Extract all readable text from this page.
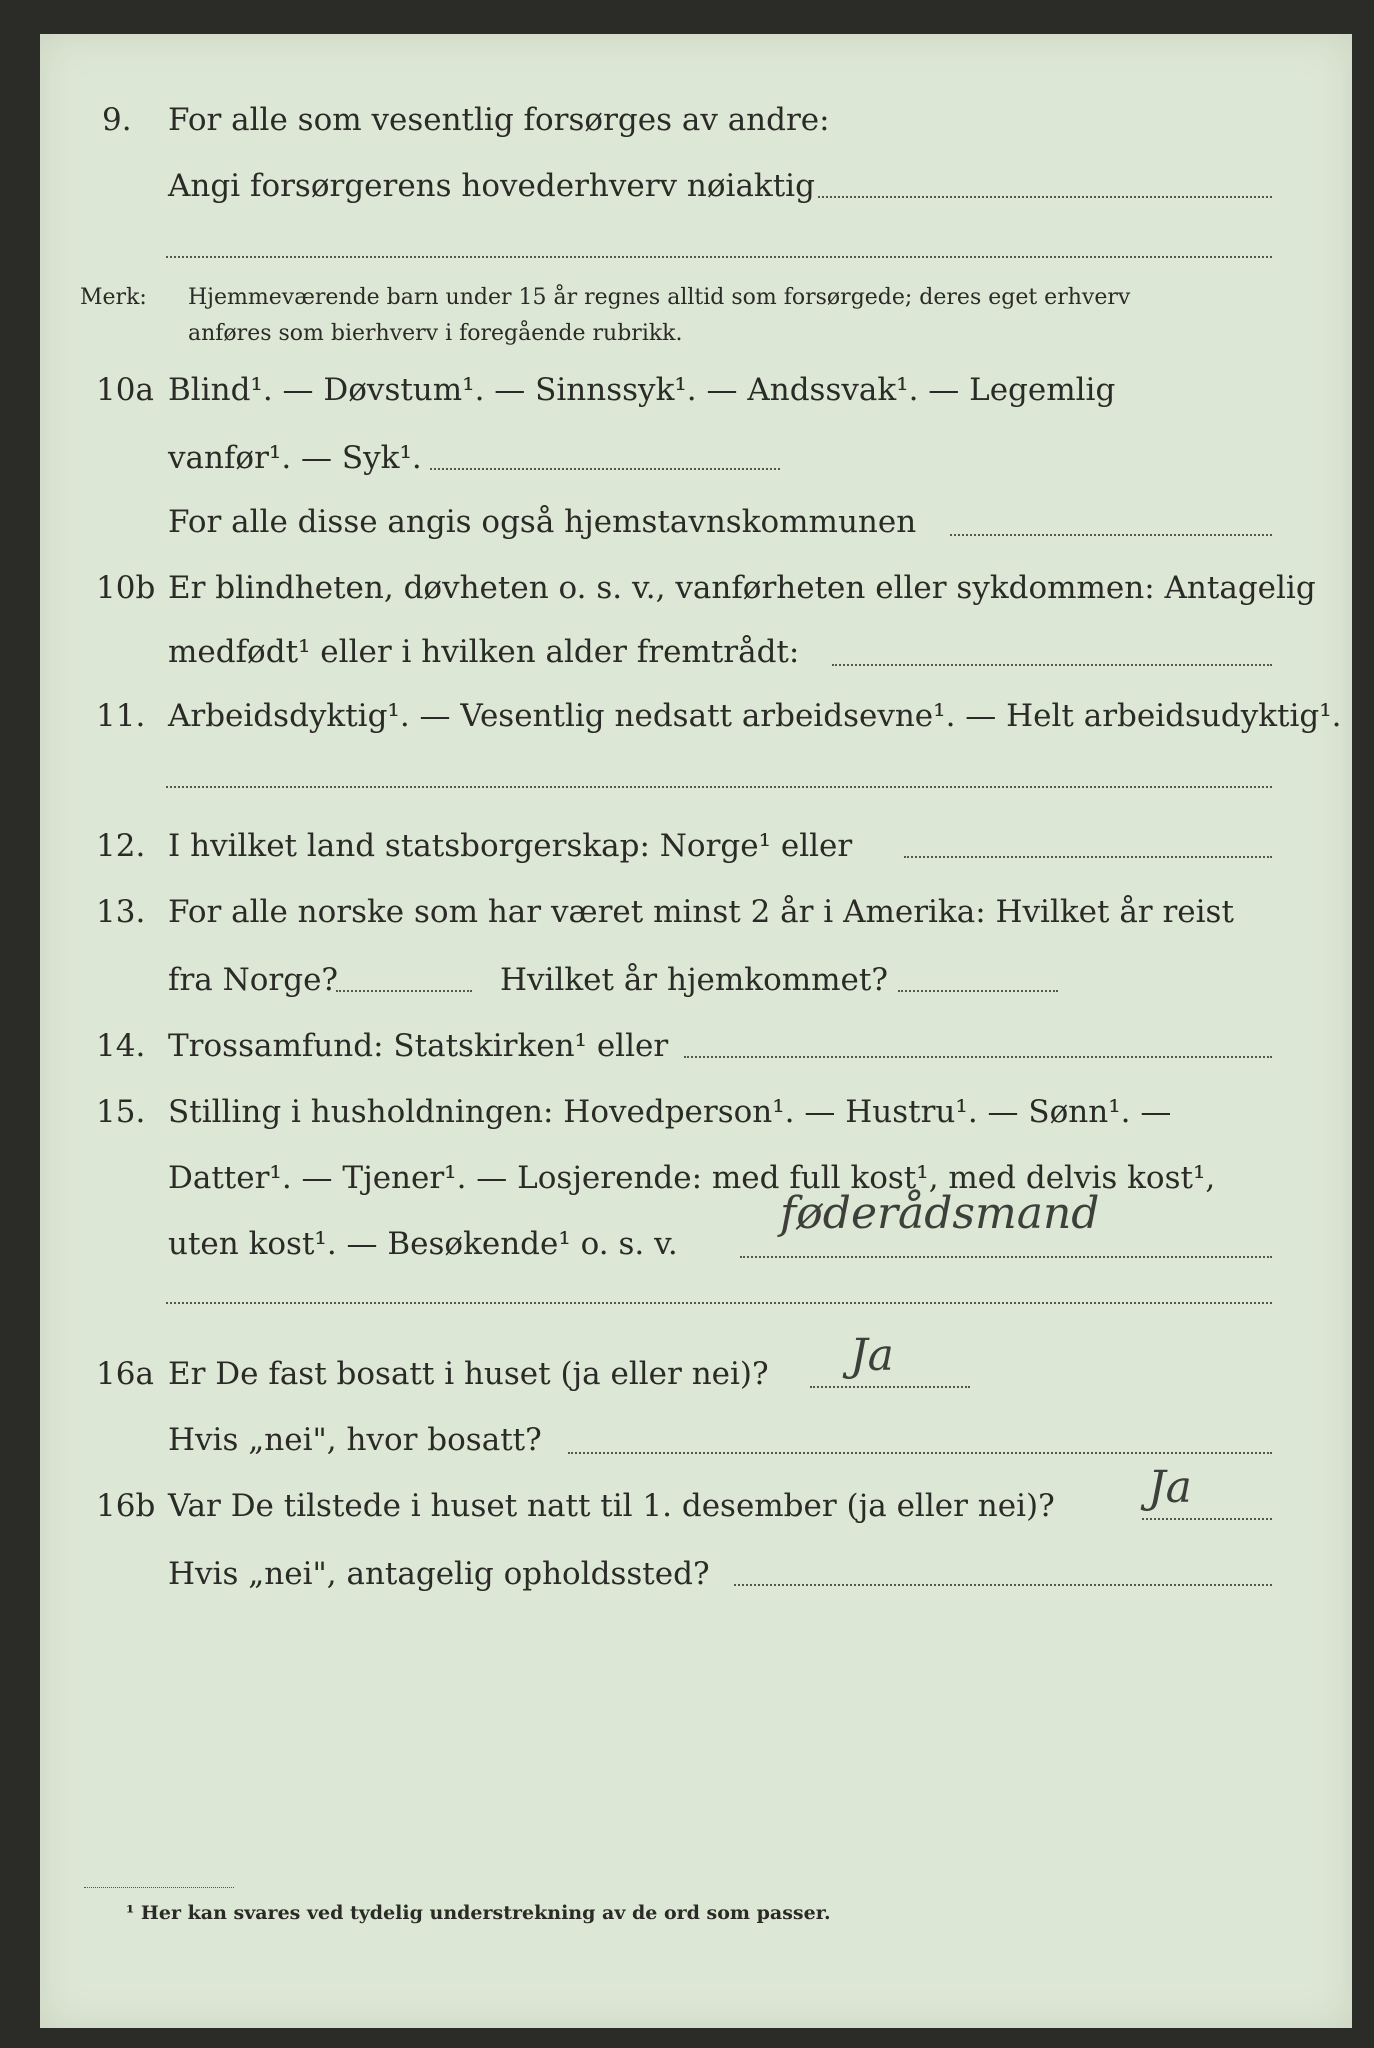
9. For alle som vesentlig forsørges av andre:
Angi forsørgerens hovederhverv nøiaktig
Merk: Hjemmeværende barn under 15 år regnes alltid som forsørgede; deres eget erhverv
anføres som bierhverv i foregående rubrikk.
10a Blind¹. — Døvstum¹. — Sinnssyk¹. — Andssvak¹. — Legemlig
vanfør¹. — Syk¹.
For alle disse angis også hjemstavnskommunen
10b Er blindheten, døvheten o. s. v., vanførheten eller sykdommen: Antagelig
medfødt¹ eller i hvilken alder fremtrådt:
11. Arbeidsdyktig¹. — Vesentlig nedsatt arbeidsevne¹. — Helt arbeidsudyktig¹.
12. I hvilket land statsborgerskap: Norge¹ eller
13. For alle norske som har været minst 2 år i Amerika: Hvilket år reist
fra Norge?	Hvilket år hjemkommet?
14. Trossamfund: Statskirken¹ eller
15. Stilling i husholdningen: Hovedperson¹. — Hustru¹. — Sønn¹. —
Datter¹. — Tjener¹. — Losjerende: med full kost¹, med delvis kost¹,
uten kost¹. — Besøkende¹ o. s. v.
føderådsmand
16a Er De fast bosatt i huset (ja eller nei)? Ja
Hvis „nei", hvor bosatt?
16b Var De tilstede i huset natt til 1. desember (ja eller nei)? Ja
Hvis „nei", antagelig opholdssted?
¹ Her kan svares ved tydelig understrekning av de ord som passer.
